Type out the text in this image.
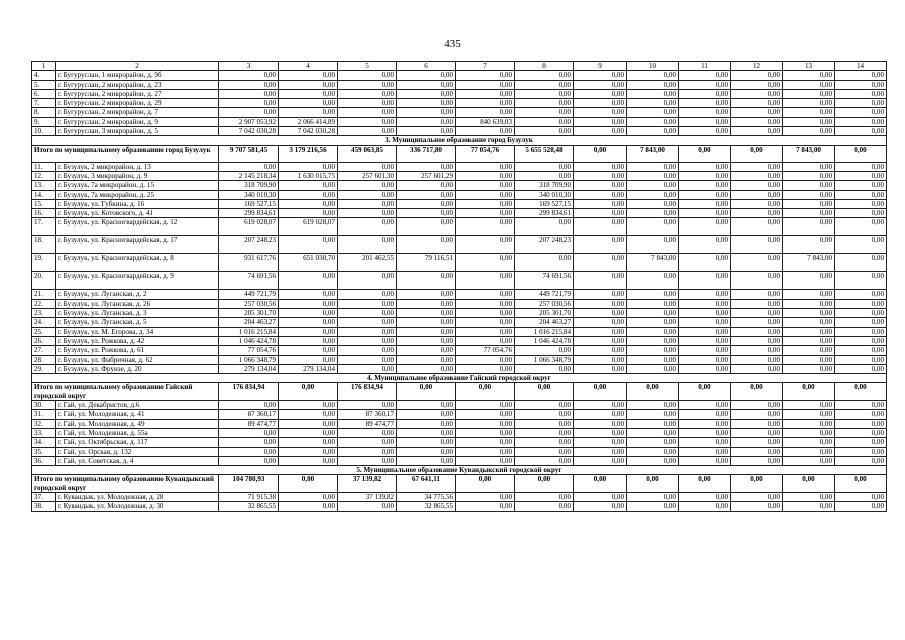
435
1	2	3	4	5	6	7	8	9	10	11	12	13	14
4.	г. Бугуруслан, 1 микрорайон, д. 9б	0,00	0,00	0,00	0,00	0,00	0,00	0,00	0,00	0,00	0,00	0,00	0,00
5.	г. Бугуруслан, 2 микрорайон, д. 23	0,00	0,00	0,00	0,00	0,00	0,00	0,00	0,00	0,00	0,00	0,00	0,00
6.	г. Бугуруслан, 2 микрорайон, д. 27	0,00	0,00	0,00	0,00	0,00	0,00	0,00	0,00	0,00	0,00	0,00	0,00
7.	г. Бугуруслан, 2 микрорайон, д. 29	0,00	0,00	0,00	0,00	0,00	0,00	0,00	0,00	0,00	0,00	0,00	0,00
8.	г. Бугуруслан, 2 микрорайон, д. 7	0,00	0,00	0,00	0,00	0,00	0,00	0,00	0,00	0,00	0,00	0,00	0,00
9.	г. Бугуруслан, 2 микрорайон, д. 9	2 907 053,92	2 066 414,89	0,00	0,00	840 639,03	0,00	0,00	0,00	0,00	0,00	0,00	0,00
10.	г. Бугуруслан, 3 микрорайон, д. 5	7 042 030,28	7 042 030,28	0,00	0,00	0,00	0,00	0,00	0,00	0,00	0,00	0,00	0,00
3. Муниципальное образование город Бузулук													
Итого по муниципальному образованию город Бузулук		9 707 581,45	3 179 216,56	459 063,85	336 717,80	77 054,76	5 655 528,48	0,00	7 843,00	0,00	0,00	7 843,00	0,00
11.	г. Бузулук, 2 микрорайон, д. 13	0,00	0,00	0,00	0,00	0,00	0,00	0,00	0,00	0,00	0,00	0,00	0,00
12.	г. Бузулук, 3 микрорайон, д. 9	2 145 218,34	1 630 015,75	257 601,30	257 601,29	0,00	0,00	0,00	0,00	0,00	0,00	0,00	0,00
13.	г. Бузулук, 7а микрорайон, д. 15	318 709,90	0,00	0,00	0,00	0,00	318 709,90	0,00	0,00	0,00	0,00	0,00	0,00
14.	г. Бузулук, 7а микрорайон, д. 25	340 010,30	0,00	0,00	0,00	0,00	340 010,30	0,00	0,00	0,00	0,00	0,00	0,00
15.	г. Бузулук, ул. Губкина, д. 16	169 527,15	0,00	0,00	0,00	0,00	169 527,15	0,00	0,00	0,00	0,00	0,00	0,00
16.	г. Бузулук, ул. Котовского, д. 41	299 834,61	0,00	0,00	0,00	0,00	299 834,61	0,00	0,00	0,00	0,00	0,00	0,00
17.	г. Бузулук, ул. Красногвардейская, д. 12	619 028,07	619 028,07	0,00	0,00	0,00	0,00	0,00	0,00	0,00	0,00	0,00	0,00
18.	г. Бузулук, ул. Красногвардейская, д. 17	207 248,23	0,00	0,00	0,00	0,00	207 248,23	0,00	0,00	0,00	0,00	0,00	0,00
19.	г. Бузулук, ул. Красногвардейская, д. 8	931 617,76	651 038,70	201 462,55	79 116,51	0,00	0,00	0,00	7 843,00	0,00	0,00	7 843,00	0,00
20.	г. Бузулук, ул. Красногвардейская, д. 9	74 691,56	0,00	0,00	0,00	0,00	74 691,56	0,00	0,00	0,00	0,00	0,00	0,00
21.	г. Бузулук, ул. Луганская, д. 2	449 721,79	0,00	0,00	0,00	0,00	449 721,79	0,00	0,00	0,00	0,00	0,00	0,00
22.	г. Бузулук, ул. Луганская, д. 26	257 030,56	0,00	0,00	0,00	0,00	257 030,56	0,00	0,00	0,00	0,00	0,00	0,00
23.	г. Бузулук, ул. Луганская, д. 3	205 301,70	0,00	0,00	0,00	0,00	205 301,70	0,00	0,00	0,00	0,00	0,00	0,00
24.	г. Бузулук, ул. Луганская, д. 5	204 463,27	0,00	0,00	0,00	0,00	204 463,27	0,00	0,00	0,00	0,00	0,00	0,00
25.	г. Бузулук, ул. М. Егорова, д. 34	1 016 215,84	0,00	0,00	0,00	0,00	1 016 215,84	0,00	0,00	0,00	0,00	0,00	0,00
26.	г. Бузулук, ул. Рожкова, д. 42	1 046 424,78	0,00	0,00	0,00	0,00	1 046 424,78	0,00	0,00	0,00	0,00	0,00	0,00
27.	г. Бузулук, ул. Рожкова, д. 61	77 054,76	0,00	0,00	0,00	77 054,76	0,00	0,00	0,00	0,00	0,00	0,00	0,00
28.	г. Бузулук, ул. Фабричная, д. 62	1 066 348,79	0,00	0,00	0,00	0,00	1 066 348,79	0,00	0,00	0,00	0,00	0,00	0,00
29.	г. Бузулук, ул. Фрунзе, д. 20	279 134,04	279 134,04	0,00	0,00	0,00	0,00	0,00	0,00	0,00	0,00	0,00	0,00
4. Муниципальное образование Гайский городской округ													
Итого по муниципальному образованию Гайский городской округ		176 834,94	0,00	176 834,94	0,00	0,00	0,00	0,00	0,00	0,00	0,00	0,00	0,00
30.	г. Гай, ул. Декабристов, д.6	0,00	0,00	0,00	0,00	0,00	0,00	0,00	0,00	0,00	0,00	0,00	0,00
31.	г. Гай, ул. Молодежная, д. 41	87 360,17	0,00	87 360,17	0,00	0,00	0,00	0,00	0,00	0,00	0,00	0,00	0,00
32.	г. Гай, ул. Молодежная, д. 49	89 474,77	0,00	89 474,77	0,00	0,00	0,00	0,00	0,00	0,00	0,00	0,00	0,00
33.	г. Гай, ул. Молодежная, д. 55а	0,00	0,00	0,00	0,00	0,00	0,00	0,00	0,00	0,00	0,00	0,00	0,00
34.	г. Гай, ул. Октябрьская, д. 117	0,00	0,00	0,00	0,00	0,00	0,00	0,00	0,00	0,00	0,00	0,00	0,00
35.	г. Гай, ул. Орская, д. 132	0,00	0,00	0,00	0,00	0,00	0,00	0,00	0,00	0,00	0,00	0,00	0,00
36.	г. Гай, ул. Советская, д. 4	0,00	0,00	0,00	0,00	0,00	0,00	0,00	0,00	0,00	0,00	0,00	0,00
5. Муниципальное образование Кувандыкский городской округ													
Итого по муниципальному образованию Кувандыкский городской округ		104 780,93	0,00	37 139,82	67 641,11	0,00	0,00	0,00	0,00	0,00	0,00	0,00	0,00
37.	г. Кувандык, ул. Молодежная, д. 28	71 915,38	0,00	37 139,82	34 775,56	0,00	0,00	0,00	0,00	0,00	0,00	0,00	0,00
38.	г. Кувандык, ул. Молодежная, д. 30	32 865,55	0,00	0,00	32 865,55	0,00	0,00	0,00	0,00	0,00	0,00	0,00	0,00
